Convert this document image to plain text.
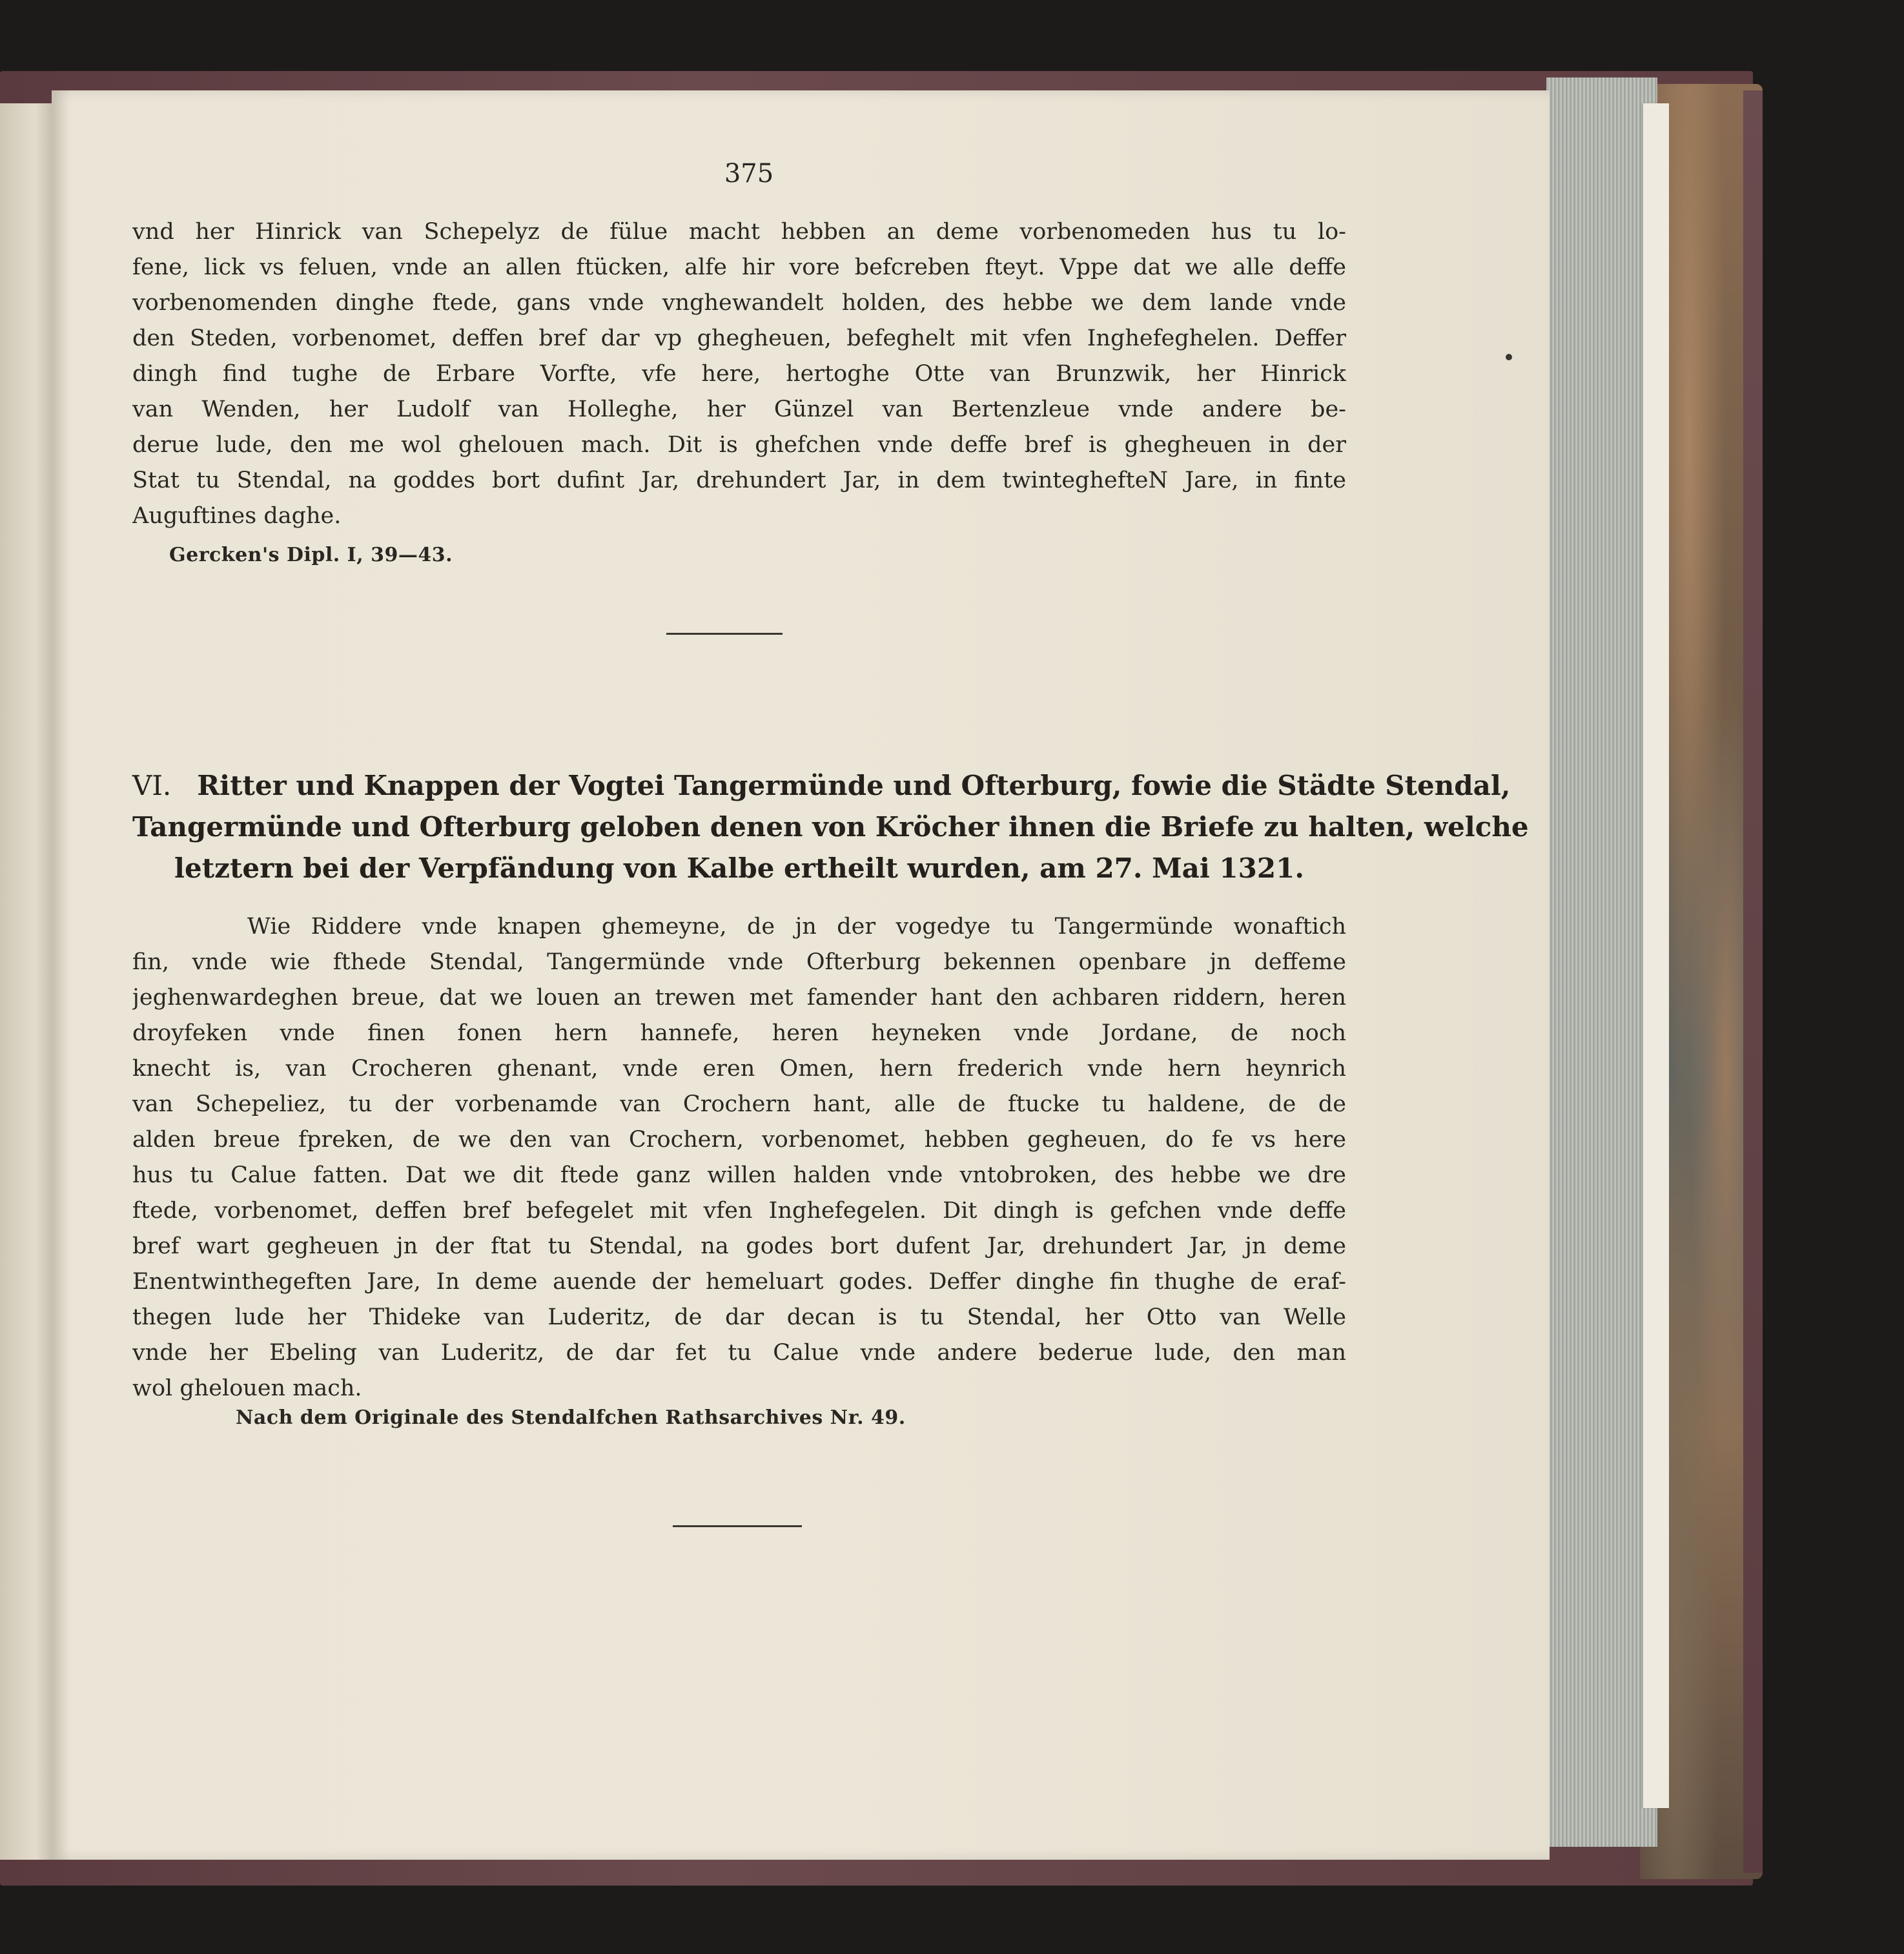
375
vnd her Hinrick van Schepelyz de fülue macht hebben an deme vorbenomeden hus tu lo-
fene, lick vs feluen, vnde an allen ftücken, alfe hir vore befcreben fteyt. Vppe dat we alle deffe
vorbenomenden dinghe ftede, gans vnde vnghewandelt holden, des hebbe we dem lande vnde
den Steden, vorbenomet, deffen bref dar vp ghegheuen, befeghelt mit vfen Inghefeghelen. Deffer
dingh find tughe de Erbare Vorfte, vfe here, hertoghe Otte van Brunzwik, her Hinrick
van Wenden, her Ludolf van Holleghe, her Günzel van Bertenzleue vnde andere be-
derue lude, den me wol ghelouen mach. Dit is ghefchen vnde deffe bref is ghegheuen in der
Stat tu Stendal, na goddes bort dufint Jar, drehundert Jar, in dem twinteghefteN Jare, in finte
Auguftines daghe.
Gercken's Dipl. I, 39—43.
VI. Ritter und Knappen der Vogtei Tangermünde und Ofterburg, fowie die Städte Stendal,
Tangermünde und Ofterburg geloben denen von Kröcher ihnen die Briefe zu halten, welche
letztern bei der Verpfändung von Kalbe ertheilt wurden, am 27. Mai 1321.
Wie Riddere vnde knapen ghemeyne, de jn der vogedye tu Tangermünde wonaftich
fin, vnde wie fthede Stendal, Tangermünde vnde Ofterburg bekennen openbare jn deffeme
jeghenwardeghen breue, dat we louen an trewen met famender hant den achbaren riddern, heren
droyfeken vnde finen fonen hern hannefe, heren heyneken vnde Jordane, de noch
knecht is, van Crocheren ghenant, vnde eren Omen, hern frederich vnde hern heynrich
van Schepeliez, tu der vorbenamde van Crochern hant, alle de ftucke tu haldene, de de
alden breue fpreken, de we den van Crochern, vorbenomet, hebben gegheuen, do fe vs here
hus tu Calue fatten. Dat we dit ftede ganz willen halden vnde vntobroken, des hebbe we dre
ftede, vorbenomet, deffen bref befegelet mit vfen Inghefegelen. Dit dingh is gefchen vnde deffe
bref wart gegheuen jn der ftat tu Stendal, na godes bort dufent Jar, drehundert Jar, jn deme
Enentwinthegeften Jare, In deme auende der hemeluart godes. Deffer dinghe fin thughe de eraf-
thegen lude her Thideke van Luderitz, de dar decan is tu Stendal, her Otto van Welle
vnde her Ebeling van Luderitz, de dar fet tu Calue vnde andere bederue lude, den man
wol ghelouen mach.
Nach dem Originale des Stendalfchen Rathsarchives Nr. 49.
